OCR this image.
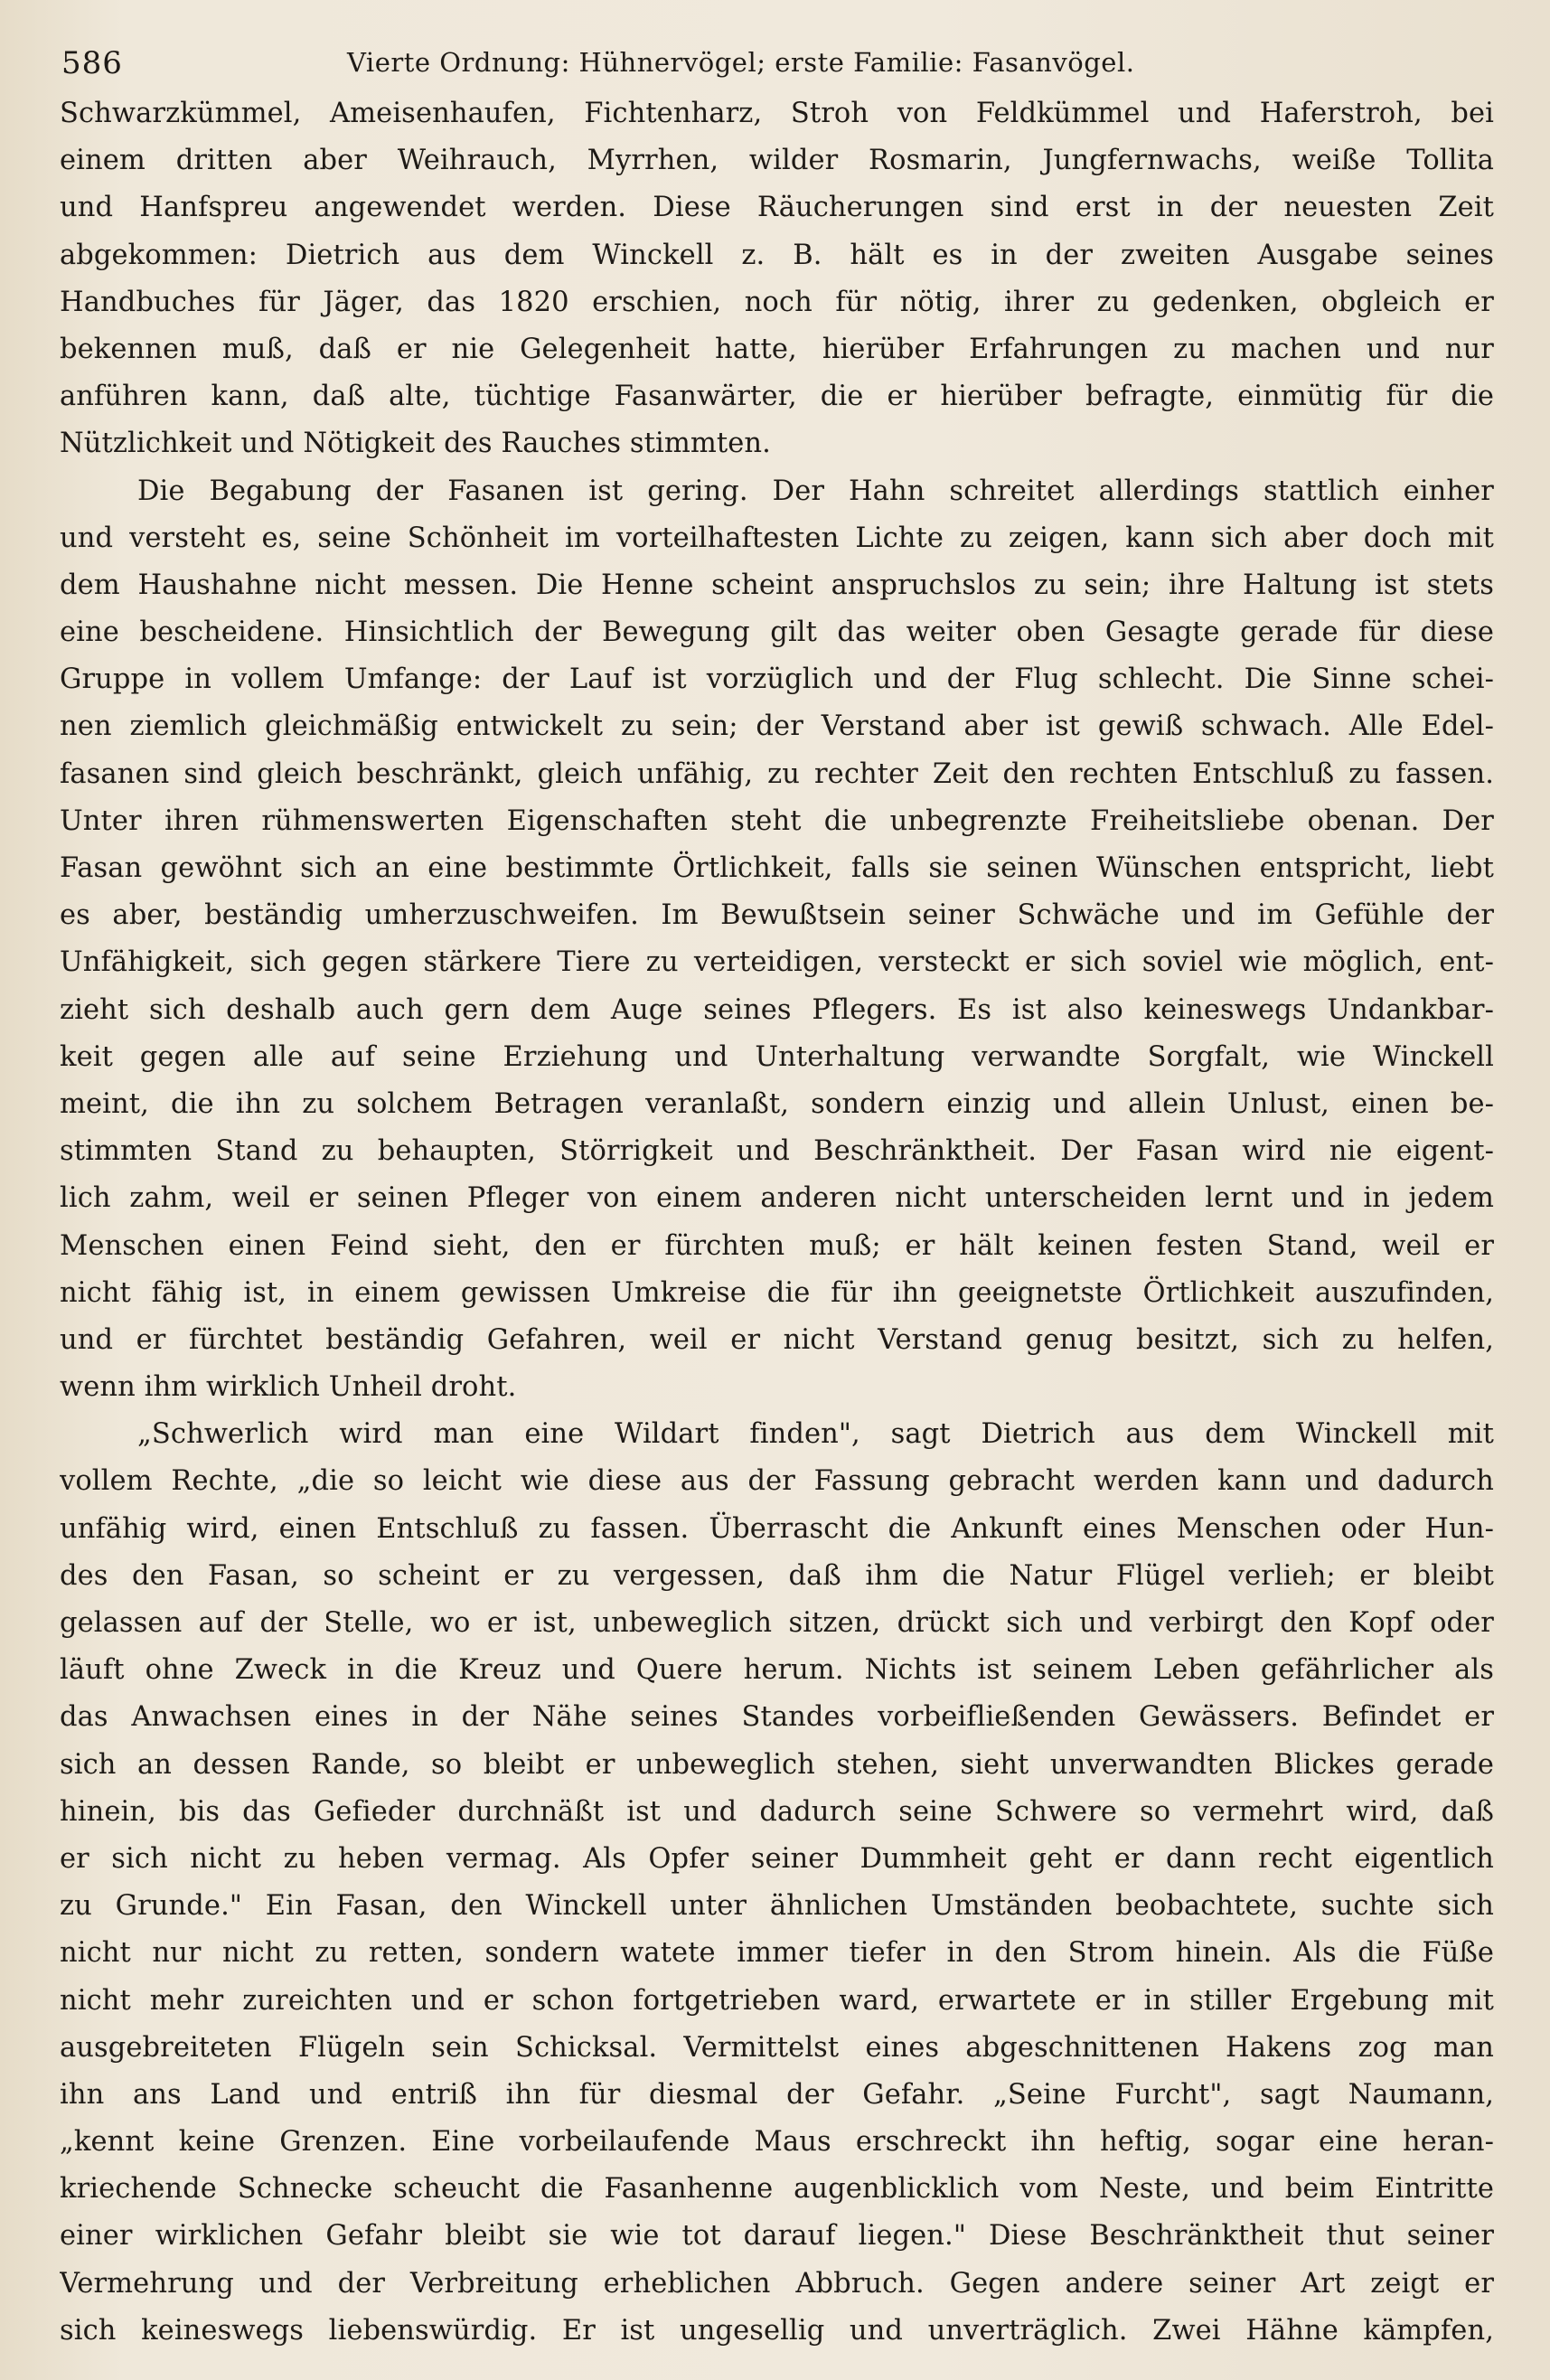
586	Vierte Ordnung: Hühnervögel; erste Familie: Fasanvögel.
Schwarzkümmel, Ameisenhaufen, Fichtenharz, Stroh von Feldkümmel und Haferstroh, bei
einem dritten aber Weihrauch, Myrrhen, wilder Rosmarin, Jungfernwachs, weiße Tollita
und Hanfspreu angewendet werden. Diese Räucherungen sind erst in der neuesten Zeit
abgekommen: Dietrich aus dem Winckell z. B. hält es in der zweiten Ausgabe seines
Handbuches für Jäger, das 1820 erschien, noch für nötig, ihrer zu gedenken, obgleich er
bekennen muß, daß er nie Gelegenheit hatte, hierüber Erfahrungen zu machen und nur
anführen kann, daß alte, tüchtige Fasanwärter, die er hierüber befragte, einmütig für die
Nützlichkeit und Nötigkeit des Rauches stimmten.
Die Begabung der Fasanen ist gering. Der Hahn schreitet allerdings stattlich einher
und versteht es, seine Schönheit im vorteilhaftesten Lichte zu zeigen, kann sich aber doch mit
dem Haushahne nicht messen. Die Henne scheint anspruchslos zu sein; ihre Haltung ist stets
eine bescheidene. Hinsichtlich der Bewegung gilt das weiter oben Gesagte gerade für diese
Gruppe in vollem Umfange: der Lauf ist vorzüglich und der Flug schlecht. Die Sinne schei-
nen ziemlich gleichmäßig entwickelt zu sein; der Verstand aber ist gewiß schwach. Alle Edel-
fasanen sind gleich beschränkt, gleich unfähig, zu rechter Zeit den rechten Entschluß zu fassen.
Unter ihren rühmenswerten Eigenschaften steht die unbegrenzte Freiheitsliebe obenan. Der
Fasan gewöhnt sich an eine bestimmte Örtlichkeit, falls sie seinen Wünschen entspricht, liebt
es aber, beständig umherzuschweifen. Im Bewußtsein seiner Schwäche und im Gefühle der
Unfähigkeit, sich gegen stärkere Tiere zu verteidigen, versteckt er sich soviel wie möglich, ent-
zieht sich deshalb auch gern dem Auge seines Pflegers. Es ist also keineswegs Undankbar-
keit gegen alle auf seine Erziehung und Unterhaltung verwandte Sorgfalt, wie Winckell
meint, die ihn zu solchem Betragen veranlaßt, sondern einzig und allein Unlust, einen be-
stimmten Stand zu behaupten, Störrigkeit und Beschränktheit. Der Fasan wird nie eigent-
lich zahm, weil er seinen Pfleger von einem anderen nicht unterscheiden lernt und in jedem
Menschen einen Feind sieht, den er fürchten muß; er hält keinen festen Stand, weil er
nicht fähig ist, in einem gewissen Umkreise die für ihn geeignetste Örtlichkeit auszufinden,
und er fürchtet beständig Gefahren, weil er nicht Verstand genug besitzt, sich zu helfen,
wenn ihm wirklich Unheil droht.
„Schwerlich wird man eine Wildart finden", sagt Dietrich aus dem Winckell mit
vollem Rechte, „die so leicht wie diese aus der Fassung gebracht werden kann und dadurch
unfähig wird, einen Entschluß zu fassen. Überrascht die Ankunft eines Menschen oder Hun-
des den Fasan, so scheint er zu vergessen, daß ihm die Natur Flügel verlieh; er bleibt
gelassen auf der Stelle, wo er ist, unbeweglich sitzen, drückt sich und verbirgt den Kopf oder
läuft ohne Zweck in die Kreuz und Quere herum. Nichts ist seinem Leben gefährlicher als
das Anwachsen eines in der Nähe seines Standes vorbeifließenden Gewässers. Befindet er
sich an dessen Rande, so bleibt er unbeweglich stehen, sieht unverwandten Blickes gerade
hinein, bis das Gefieder durchnäßt ist und dadurch seine Schwere so vermehrt wird, daß
er sich nicht zu heben vermag. Als Opfer seiner Dummheit geht er dann recht eigentlich
zu Grunde." Ein Fasan, den Winckell unter ähnlichen Umständen beobachtete, suchte sich
nicht nur nicht zu retten, sondern watete immer tiefer in den Strom hinein. Als die Füße
nicht mehr zureichten und er schon fortgetrieben ward, erwartete er in stiller Ergebung mit
ausgebreiteten Flügeln sein Schicksal. Vermittelst eines abgeschnittenen Hakens zog man
ihn ans Land und entriß ihn für diesmal der Gefahr. „Seine Furcht", sagt Naumann,
„kennt keine Grenzen. Eine vorbeilaufende Maus erschreckt ihn heftig, sogar eine heran-
kriechende Schnecke scheucht die Fasanhenne augenblicklich vom Neste, und beim Eintritte
einer wirklichen Gefahr bleibt sie wie tot darauf liegen." Diese Beschränktheit thut seiner
Vermehrung und der Verbreitung erheblichen Abbruch. Gegen andere seiner Art zeigt er
sich keineswegs liebenswürdig. Er ist ungesellig und unverträglich. Zwei Hähne kämpfen,
